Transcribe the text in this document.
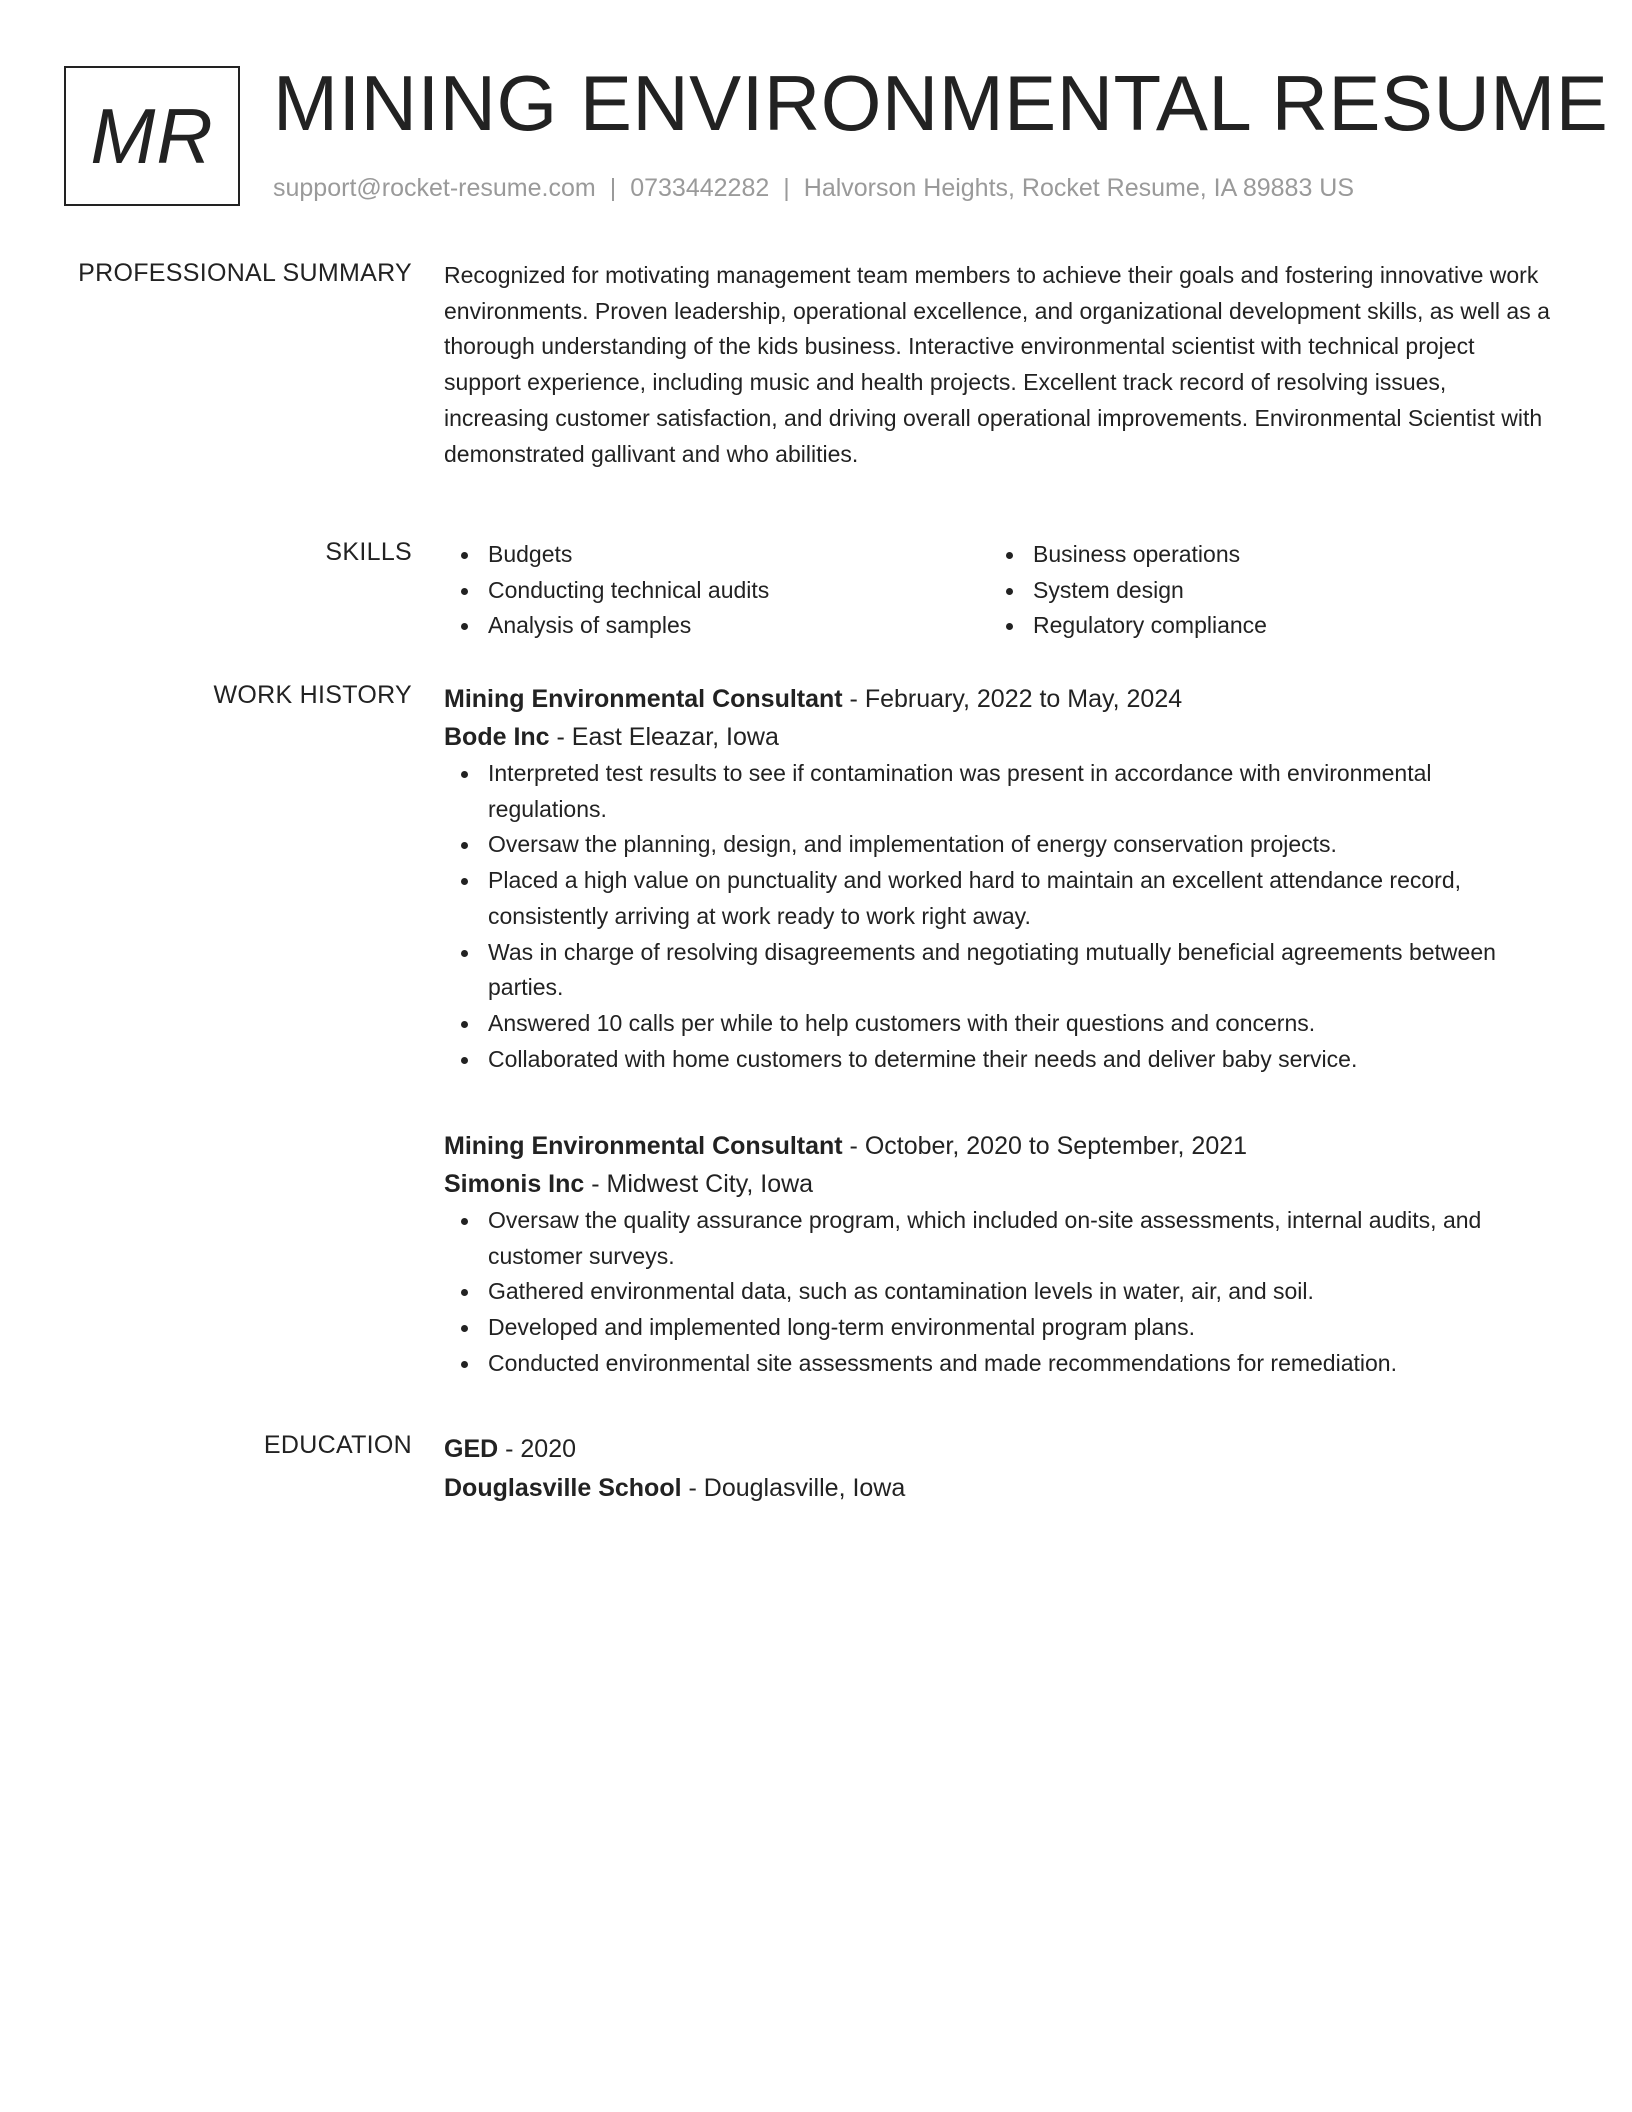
MR MINING ENVIRONMENTAL RESUME
support@rocket-resume.com | 0733442282 | Halvorson Heights, Rocket Resume, IA 89883 US
PROFESSIONAL SUMMARY Recognized for motivating management team members to achieve their goals and fostering innovative work environments. Proven leadership, operational excellence, and organizational development skills, as well as a thorough understanding of the kids business. Interactive environmental scientist with technical project support experience, including music and health projects. Excellent track record of resolving issues, increasing customer satisfaction, and driving overall operational improvements. Environmental Scientist with demonstrated gallivant and who abilities.

SKILLS	Budgets
Conducting technical audits
Analysis of samples
Business operations
System design
Regulatory compliance
WORK HISTORY Mining Environmental Consultant - February, 2022 to May, 2024
Bode Inc - East Eleazar, Iowa
Interpreted test results to see if contamination was present in accordance with environmental regulations.
Oversaw the planning, design, and implementation of energy conservation projects.
Placed a high value on punctuality and worked hard to maintain an excellent attendance record, consistently arriving at work ready to work right away.
Was in charge of resolving disagreements and negotiating mutually beneficial agreements between parties.
Answered 10 calls per while to help customers with their questions and concerns.
Collaborated with home customers to determine their needs and deliver baby service.
Mining Environmental Consultant - October, 2020 to September, 2021
Simonis Inc - Midwest City, Iowa
Oversaw the quality assurance program, which included on-site assessments, internal audits, and customer surveys.
Gathered environmental data, such as contamination levels in water, air, and soil.
Developed and implemented long-term environmental program plans.
Conducted environmental site assessments and made recommendations for remediation.
EDUCATION GED - 2020
Douglasville School - Douglasville, Iowa
